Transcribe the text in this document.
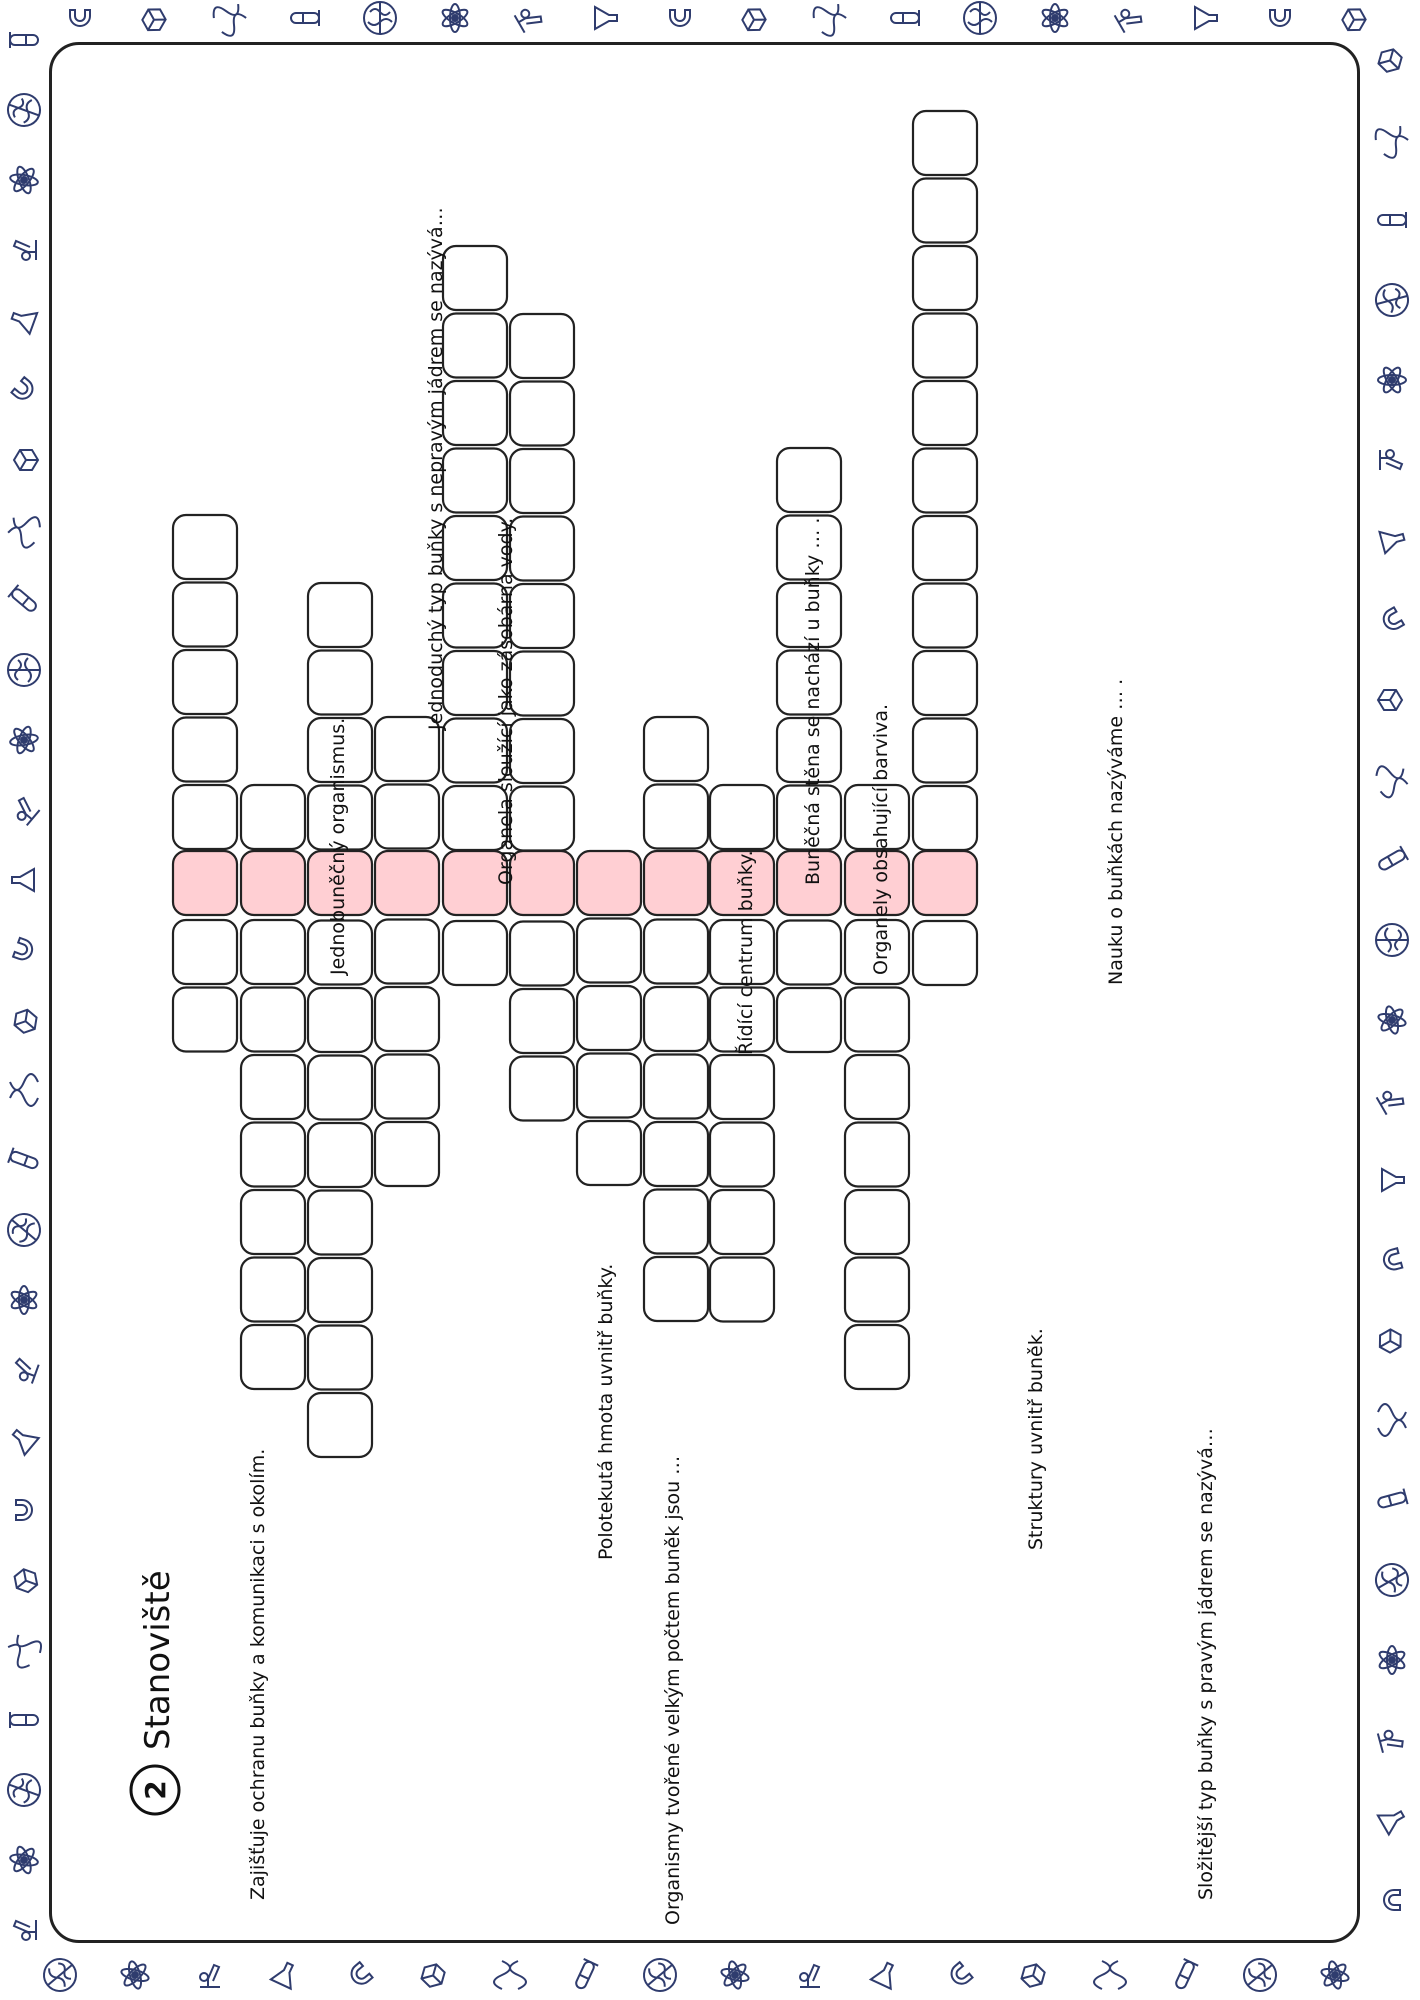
2
Stanoviště	Zajišťuje ochranu buňky a komunikaci s okolím.
Jednobuněčný organismus.
Jednoduchý typ buňky s nepravým jádrem se nazývá…	Organela sloužící jako zásobárna vody.
Polotekutá hmota uvnitř buňky.
Organismy tvořené velkým počtem buněk jsou …
Řídící centrum buňky.
Buněčná stěna se nachází u buňky … . Organely obsahující barviva.
Struktury uvnitř buněk.
Nauku o buňkách nazýváme … .
Složitější typ buňky s pravým jádrem se nazývá…
